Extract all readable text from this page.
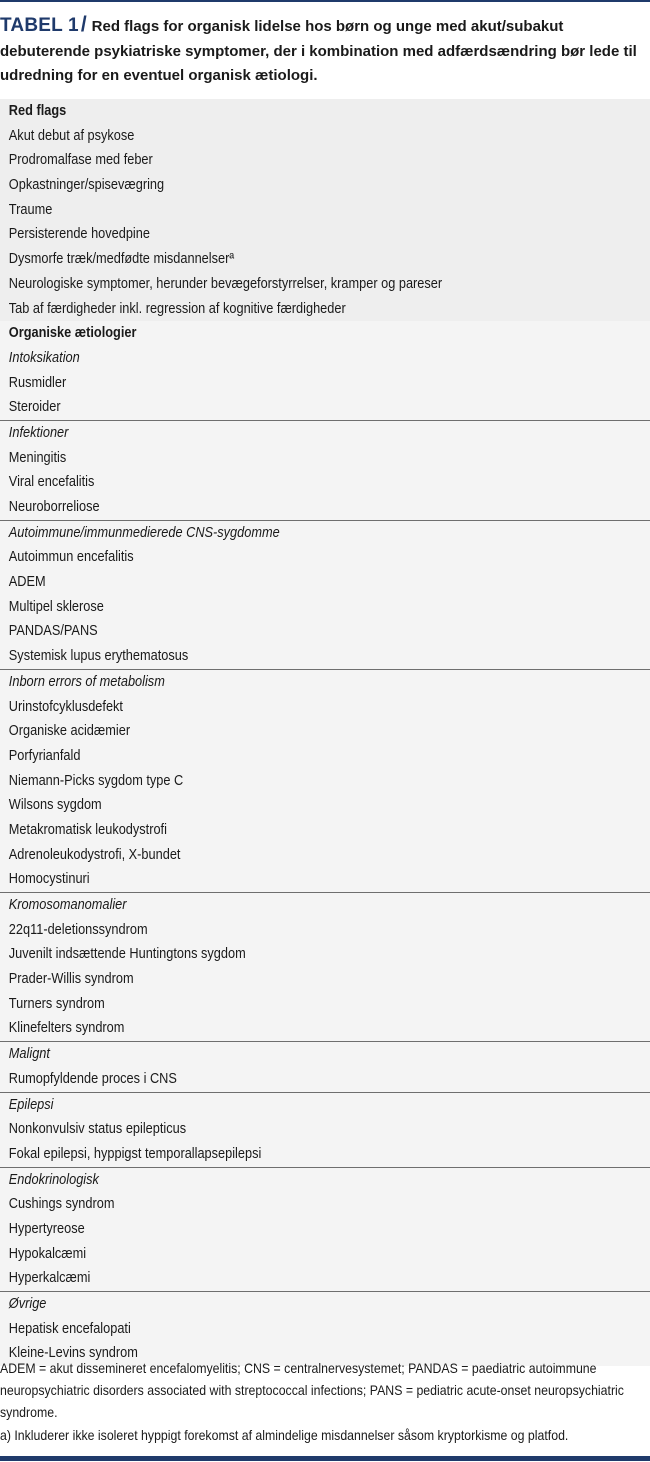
TABEL 1/ Red flags for organisk lidelse hos børn og unge med akut/subakut debuterende psykiatriske symptomer, der i kombination med adfærdsændring bør lede til udredning for en eventuel organisk ætiologi.
Red flags
Akut debut af psykose
Prodromalfase med feber
Opkastninger/spisevægring
Traume
Persisterende hovedpine
Dysmorfe træk/medfødte misdannelserª
Neurologiske symptomer, herunder bevægeforstyrrelser, kramper og pareser
Tab af færdigheder inkl. regression af kognitive færdigheder
Organiske ætiologier
Intoksikation
Rusmidler
Steroider
Infektioner
Meningitis
Viral encefalitis
Neuroborreliose
Autoimmune/immunmedierede CNS-sygdomme
Autoimmun encefalitis
ADEM
Multipel sklerose
PANDAS/PANS
Systemisk lupus erythematosus
Inborn errors of metabolism
Urinstofcyklusdefekt
Organiske acidæmier
Porfyrianfald
Niemann-Picks sygdom type C
Wilsons sygdom
Metakromatisk leukodystrofi
Adrenoleukodystrofi, X-bundet
Homocystinuri
Kromosomanomalier
22q11-deletionssyndrom
Juvenilt indsættende Huntingtons sygdom
Prader-Willis syndrom
Turners syndrom
Klinefelters syndrom
Malignt
Rumopfyldende proces i CNS
Epilepsi
Nonkonvulsiv status epilepticus
Fokal epilepsi, hyppigst temporallapsepilepsi
Endokrinologisk
Cushings syndrom
Hypertyreose
Hypokalcæmi
Hyperkalcæmi
Øvrige
Hepatisk encefalopati
Kleine-Levins syndrom
ADEM = akut dissemineret encefalomyelitis; CNS = centralnervesystemet; PANDAS = paediatric autoimmune neuropsychiatric disorders associated with streptococcal infections; PANS = pediatric acute-onset neuropsychiatric syndrome.
a) Inkluderer ikke isoleret hyppigt forekomst af almindelige misdannelser såsom kryptorkisme og platfod.
